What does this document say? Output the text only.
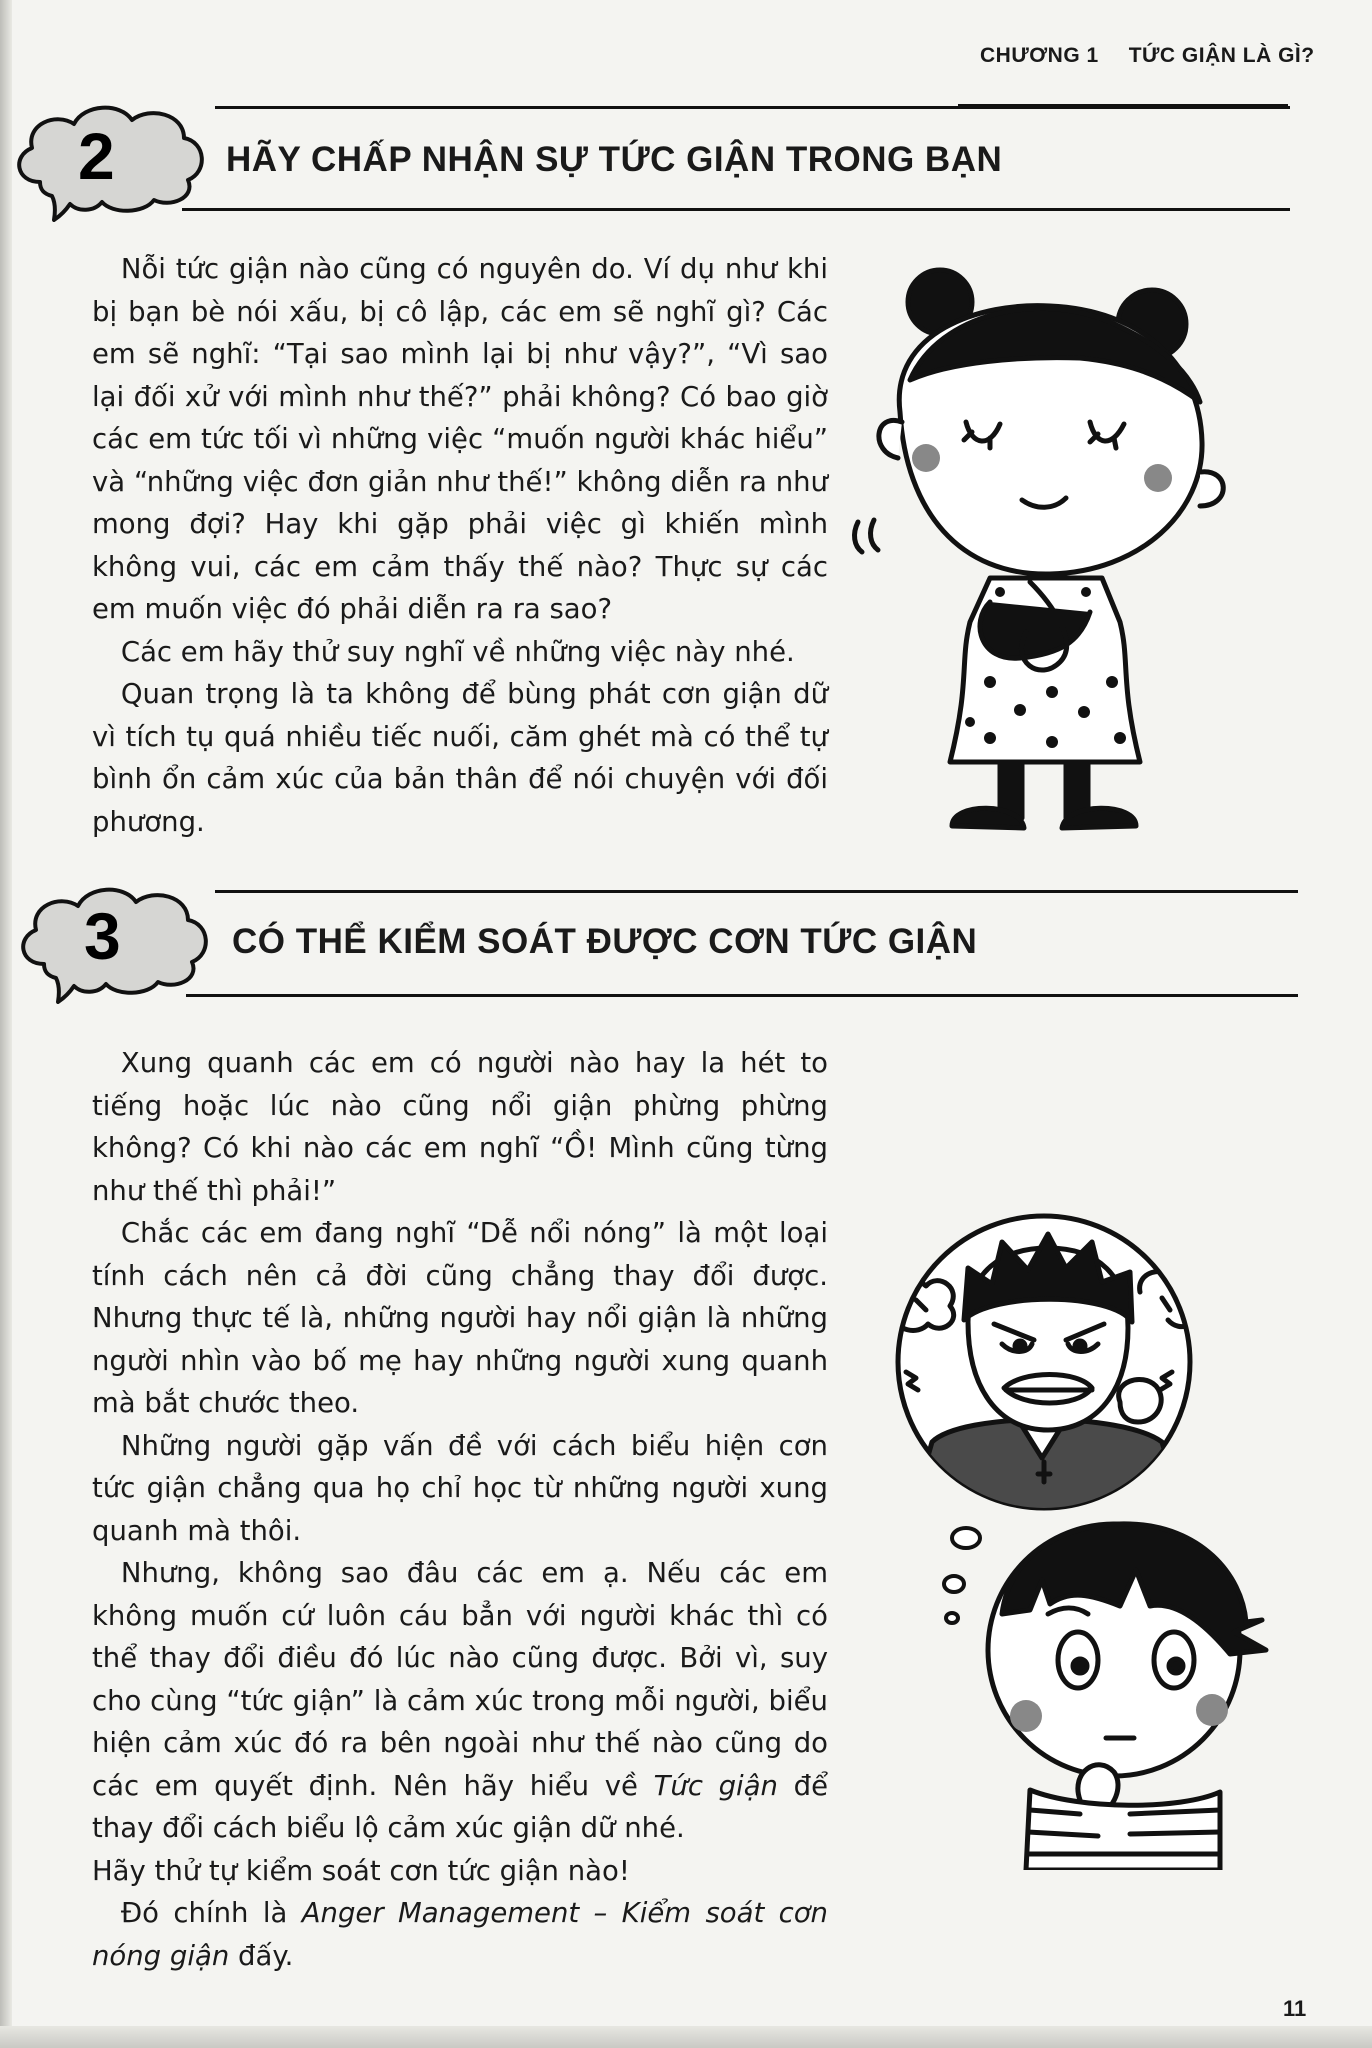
CHƯƠNG 1 TỨC GIẬN LÀ GÌ?
2	HÃY CHẤP NHẬN SỰ TỨC GIẬN TRONG BẠN

Nỗi tức giận nào cũng có nguyên do. Ví dụ như khi bị bạn bè nói xấu, bị cô lập, các em sẽ nghĩ gì? Các em sẽ nghĩ: “Tại sao mình lại bị như vậy?”, “Vì sao lại đối xử với mình như thế?” phải không? Có bao giờ các em tức tối vì những việc “muốn người khác hiểu” và “những việc đơn giản như thế!” không diễn ra như mong đợi? Hay khi gặp phải việc gì khiến mình không vui, các em cảm thấy thế nào? Thực sự các em muốn việc đó phải diễn ra ra sao?

Các em hãy thử suy nghĩ về những việc này nhé.

Quan trọng là ta không để bùng phát cơn giận dữ vì tích tụ quá nhiều tiếc nuối, căm ghét mà có thể tự bình ổn cảm xúc của bản thân để nói chuyện với đối phương.

3	CÓ THỂ KIỂM SOÁT ĐƯỢC CƠN TỨC GIẬN

Xung quanh các em có người nào hay la hét to tiếng hoặc lúc nào cũng nổi giận phừng phừng không? Có khi nào các em nghĩ “Ồ! Mình cũng từng như thế thì phải!”

Chắc các em đang nghĩ “Dễ nổi nóng” là một loại tính cách nên cả đời cũng chẳng thay đổi được. Nhưng thực tế là, những người hay nổi giận là những người nhìn vào bố mẹ hay những người xung quanh mà bắt chước theo.

Những người gặp vấn đề với cách biểu hiện cơn tức giận chẳng qua họ chỉ học từ những người xung quanh mà thôi.

Nhưng, không sao đâu các em ạ. Nếu các em không muốn cứ luôn cáu bẳn với người khác thì có thể thay đổi điều đó lúc nào cũng được. Bởi vì, suy cho cùng “tức giận” là cảm xúc trong mỗi người, biểu hiện cảm xúc đó ra bên ngoài như thế nào cũng do các em quyết định. Nên hãy hiểu về Tức giận để thay đổi cách biểu lộ cảm xúc giận dữ nhé.

Hãy thử tự kiểm soát cơn tức giận nào!

Đó chính là Anger Management – Kiểm soát cơn nóng giận đấy.

11
